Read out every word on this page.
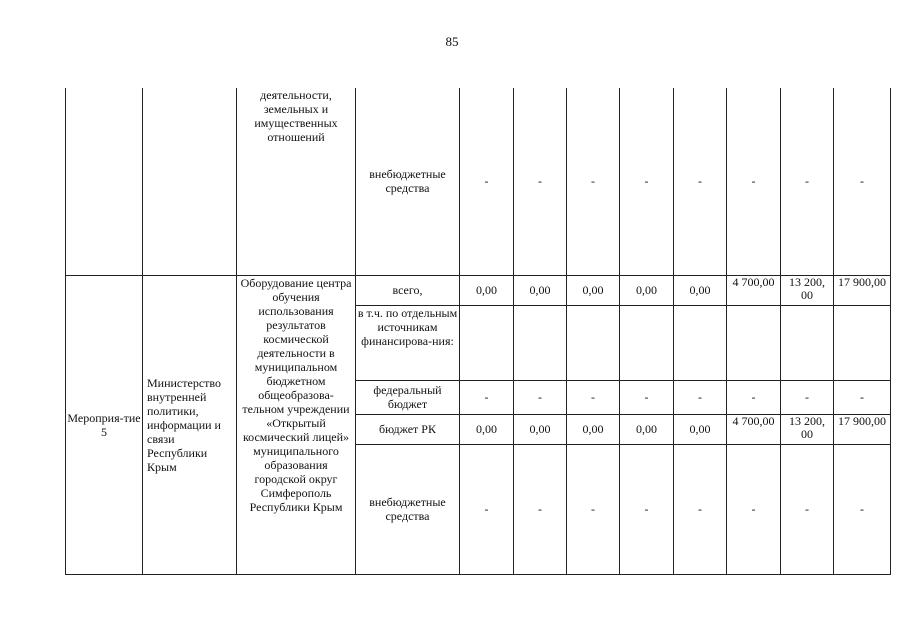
85
		деятельности,
земельных и
имущественных
отношений	внебюджетные средства	-	-	-	-	-	-	-	-
Мероприя-тие 5	Министерство внутренней политики, информации и связи Республики Крым	Оборудование центра обучения использования результатов космической деятельности в муниципальном бюджетном общеобразова-тельном учреждении «Открытый космический лицей» муниципального образования городской округ Симферополь Республики Крым	всего,	0,00	0,00	0,00	0,00	0,00	4 700,00	13 200, 00	17 900,00
			в т.ч. по отдельным источникам финансирова-ния:								
			федеральный бюджет	-	-	-	-	-	-	-	-
			бюджет РК	0,00	0,00	0,00	0,00	0,00	4 700,00	13 200, 00	17 900,00
			внебюджетные средства	-	-	-	-	-	-	-	-
